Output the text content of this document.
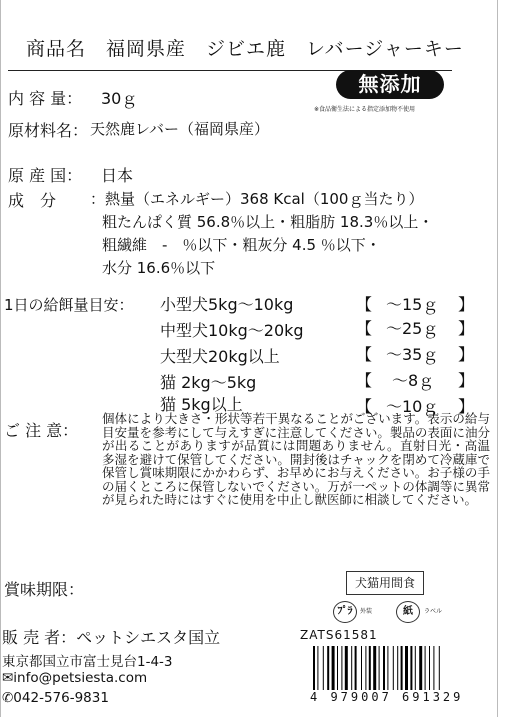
商品名　福岡県産　ジビエ鹿　レバージャーキー
無添加
※食品衛生法による指定添加物不使用
内 容 量： 30ｇ
原材料名： 天然鹿レバー（福岡県産）
原 産 国： 日本
成　分 ：熱量（エネルギー）368 Kcal（100ｇ当たり）
粗たんぱく質 56.8％以上・粗脂肪 18.3％以上・
粗繊維　-　％以下・粗灰分 4.5 ％以下・
水分 16.6％以下
1日の給餌量目安： 小型犬5kg～10kg	【 ～15ｇ 】
中型犬10kg～20kg	【 ～25ｇ 】
大型犬20kg以上	【 ～35ｇ 】
猫 2kg～5kg	【 ～8ｇ 】
猫 5kg以上	【 ～10ｇ 】
ご 注 意：
個体により大きさ・形状等若干異なることがございます。表示の給与目安量を参考にして与えすぎに注意してください。製品の表面に油分が出ることがありますが品質には問題ありません。直射日光・高温多湿を避けて保管してください。開封後はチャックを閉めて冷蔵庫で保管し賞味期限にかかわらず、お早めにお与えください。お子様の手の届くところに保管しないでください。万が一ペットの体調等に異常が見られた時にはすぐに使用を中止し獣医師に相談してください。
賞味期限：	犬猫用間食
ﾌﾟﾗ	外装	紙	ラベル
販 売 者：ペットシエスタ国立
東京都国立市富士見台1-4-3
✉info@petsiesta.com
✆042-576-9831
ZATS61581
4 979007 691329
